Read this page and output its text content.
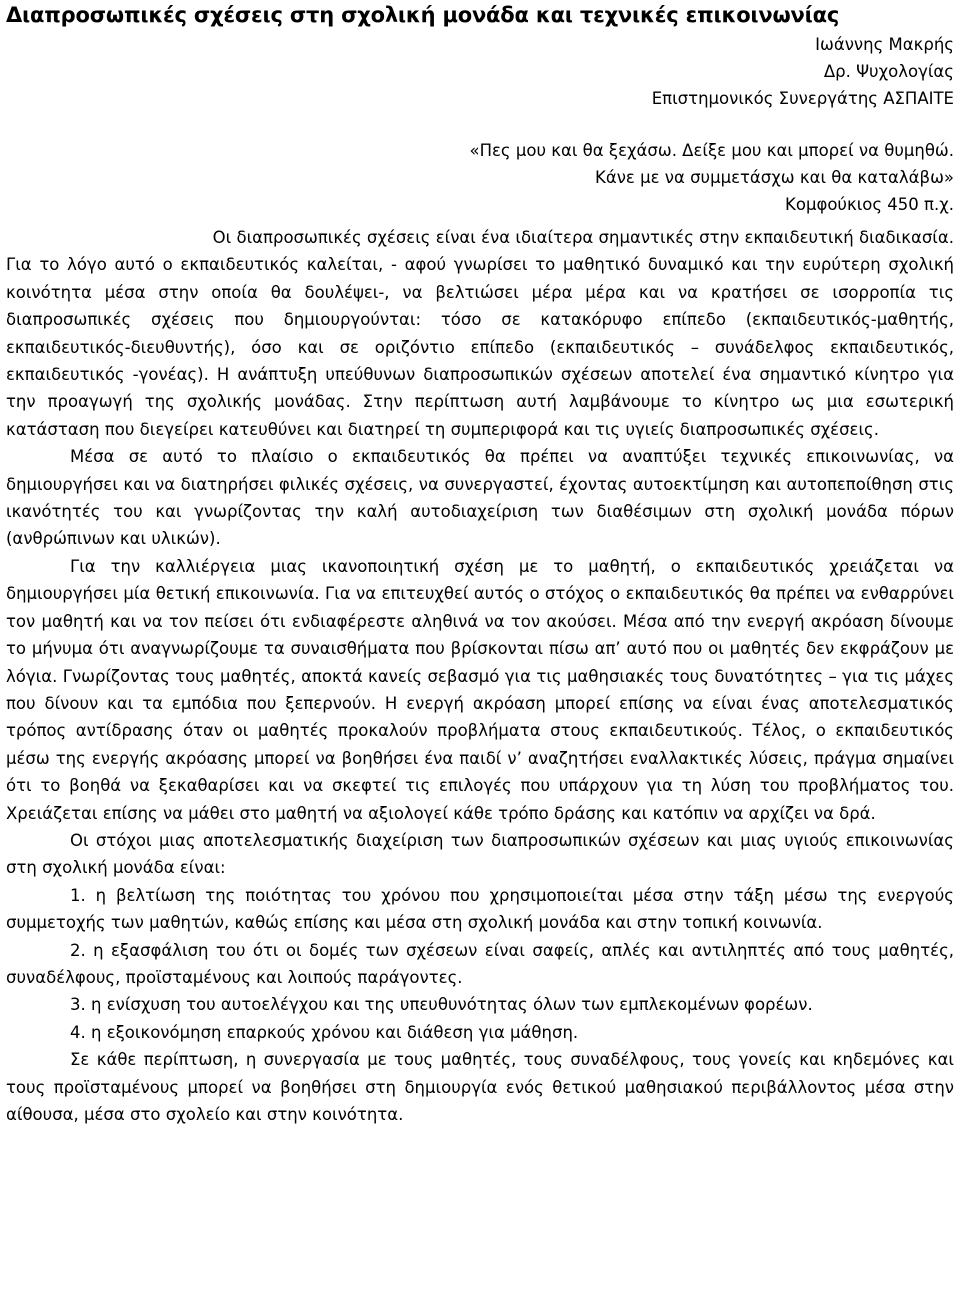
Διαπροσωπικές σχέσεις στη σχολική μονάδα και τεχνικές επικοινωνίας

Ιωάννης Μακρής

Δρ. Ψυχολογίας

Επιστημονικός Συνεργάτης ΑΣΠΑΙΤΕ

«Πες μου και θα ξεχάσω. Δείξε μου και μπορεί να θυμηθώ.

Κάνε με να συμμετάσχω και θα καταλάβω»

Κομφούκιος 450 π.χ.

Οι διαπροσωπικές σχέσεις είναι ένα ιδιαίτερα σημαντικές στην εκπαιδευτική διαδικασία.

Για το λόγο αυτό ο εκπαιδευτικός καλείται, - αφού γνωρίσει το μαθητικό δυναμικό και την ευρύτερη σχολική κοινότητα μέσα στην οποία θα δουλέψει-, να βελτιώσει μέρα μέρα και να κρατήσει σε ισορροπία τις διαπροσωπικές σχέσεις που δημιουργούνται: τόσο σε κατακόρυφο επίπεδο (εκπαιδευτικός-μαθητής, εκπαιδευτικός-διευθυντής), όσο και σε οριζόντιο επίπεδο (εκπαιδευτικός – συνάδελφος εκπαιδευτικός, εκπαιδευτικός -γονέας). Η ανάπτυξη υπεύθυνων διαπροσωπικών σχέσεων αποτελεί ένα σημαντικό κίνητρο για την προαγωγή της σχολικής μονάδας. Στην περίπτωση αυτή λαμβάνουμε το κίνητρο ως μια εσωτερική κατάσταση που διεγείρει κατευθύνει και διατηρεί τη συμπεριφορά και τις υγιείς διαπροσωπικές σχέσεις.

Μέσα σε αυτό το πλαίσιο ο εκπαιδευτικός θα πρέπει να αναπτύξει τεχνικές επικοινωνίας, να δημιουργήσει και να διατηρήσει φιλικές σχέσεις, να συνεργαστεί, έχοντας αυτοεκτίμηση και αυτοπεποίθηση στις ικανότητές του και γνωρίζοντας την καλή αυτοδιαχείριση των διαθέσιμων στη σχολική μονάδα πόρων (ανθρώπινων και υλικών).

Για την καλλιέργεια μιας ικανοποιητική σχέση με το μαθητή, ο εκπαιδευτικός χρειάζεται να δημιουργήσει μία θετική επικοινωνία. Για να επιτευχθεί αυτός ο στόχος ο εκπαιδευτικός θα πρέπει να ενθαρρύνει τον μαθητή και να τον πείσει ότι ενδιαφέρεστε αληθινά να τον ακούσει. Μέσα από την ενεργή ακρόαση δίνουμε το μήνυμα ότι αναγνωρίζουμε τα συναισθήματα που βρίσκονται πίσω απ’ αυτό που οι μαθητές δεν εκφράζουν με λόγια. Γνωρίζοντας τους μαθητές, αποκτά κανείς σεβασμό για τις μαθησιακές τους δυνατότητες – για τις μάχες που δίνουν και τα εμπόδια που ξεπερνούν. Η ενεργή ακρόαση μπορεί επίσης να είναι ένας αποτελεσματικός τρόπος αντίδρασης όταν οι μαθητές προκαλούν προβλήματα στους εκπαιδευτικούς. Τέλος, ο εκπαιδευτικός μέσω της ενεργής ακρόασης μπορεί να βοηθήσει ένα παιδί ν’ αναζητήσει εναλλακτικές λύσεις, πράγμα σημαίνει ότι το βοηθά να ξεκαθαρίσει και να σκεφτεί τις επιλογές που υπάρχουν για τη λύση του προβλήματος του. Χρειάζεται επίσης να μάθει στο μαθητή να αξιολογεί κάθε τρόπο δράσης και κατόπιν να αρχίζει να δρά.

Οι στόχοι μιας αποτελεσματικής διαχείριση των διαπροσωπικών σχέσεων και μιας υγιούς επικοινωνίας στη σχολική μονάδα είναι:

1. η βελτίωση της ποιότητας του χρόνου που χρησιμοποιείται μέσα στην τάξη μέσω της ενεργούς συμμετοχής των μαθητών, καθώς επίσης και μέσα στη σχολική μονάδα και στην τοπική κοινωνία.

2. η εξασφάλιση του ότι οι δομές των σχέσεων είναι σαφείς, απλές και αντιληπτές από τους μαθητές, συναδέλφους, προϊσταμένους και λοιπούς παράγοντες.

3. η ενίσχυση του αυτοελέγχου και της υπευθυνότητας όλων των εμπλεκομένων φορέων.

4. η εξοικονόμηση επαρκούς χρόνου και διάθεση για μάθηση.

Σε κάθε περίπτωση, η συνεργασία με τους μαθητές, τους συναδέλφους, τους γονείς και κηδεμόνες και τους προϊσταμένους μπορεί να βοηθήσει στη δημιουργία ενός θετικού μαθησιακού περιβάλλοντος μέσα στην αίθουσα, μέσα στο σχολείο και στην κοινότητα.
